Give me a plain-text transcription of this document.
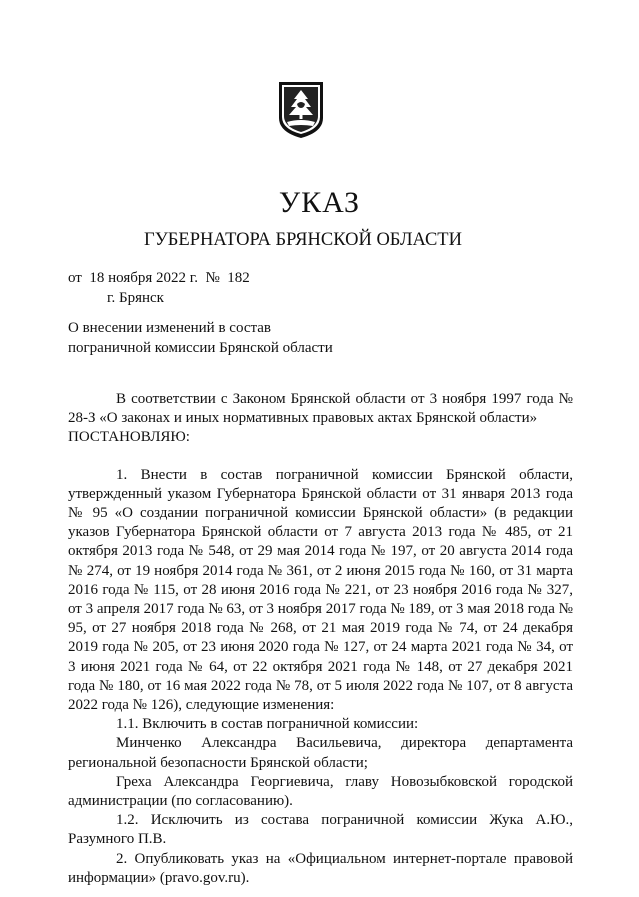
УКАЗ
ГУБЕРНАТОРА БРЯНСКОЙ ОБЛАСТИ
от  18 ноября 2022 г.  №  182
г. Брянск
О внесении изменений в состав пограничной комиссии Брянской области

В соответствии с Законом Брянской области от 3 ноября 1997 года № 28-З «О законах и иных нормативных правовых актах Брянской области»

ПОСТАНОВЛЯЮ:

1. Внести в состав пограничной комиссии Брянской области, утвержденный указом Губернатора Брянской области от 31 января 2013 года № 95 «О создании пограничной комиссии Брянской области» (в редакции указов Губернатора Брянской области от 7 августа 2013 года № 485, от 21 октября 2013 года № 548, от 29 мая 2014 года № 197, от 20 августа 2014 года № 274, от 19 ноября 2014 года № 361, от 2 июня 2015 года № 160, от 31 марта 2016 года № 115, от 28 июня 2016 года № 221, от 23 ноября 2016 года № 327, от 3 апреля 2017 года № 63, от 3 ноября 2017 года № 189, от 3 мая 2018 года № 95, от 27 ноября 2018 года № 268, от 21 мая 2019 года № 74, от 24 декабря 2019 года № 205, от 23 июня 2020 года № 127, от 24 марта 2021 года № 34, от 3 июня 2021 года № 64, от 22 октября 2021 года № 148, от 27 декабря 2021 года № 180, от 16 мая 2022 года № 78, от 5 июля 2022 года № 107, от 8 августа 2022 года № 126), следующие изменения:

1.1. Включить в состав пограничной комиссии:

Минченко Александра Васильевича, директора департамента региональной безопасности Брянской области;

Греха Александра Георгиевича, главу Новозыбковской городской администрации (по согласованию).

1.2. Исключить из состава пограничной комиссии Жука А.Ю., Разумного П.В.

2. Опубликовать указ на «Официальном интернет-портале правовой информации» (pravo.gov.ru).
